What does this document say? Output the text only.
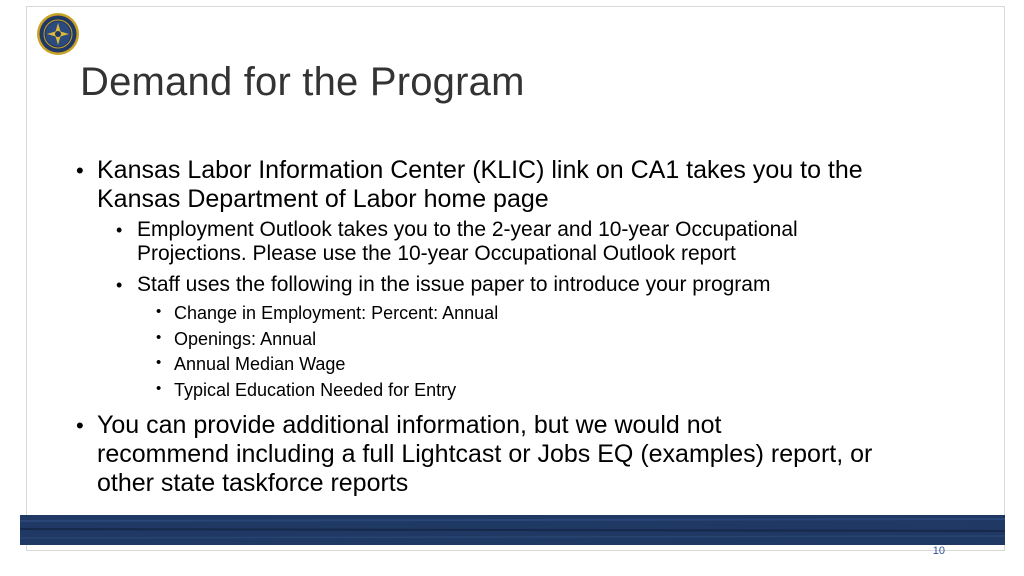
Demand for the Program
• Kansas Labor Information Center (KLIC) link on CA1 takes you to the
Kansas Department of Labor home page
• Employment Outlook takes you to the 2-year and 10-year Occupational
Projections. Please use the 10-year Occupational Outlook report
• Staff uses the following in the issue paper to introduce your program
• Change in Employment: Percent: Annual
• Openings: Annual
• Annual Median Wage
• Typical Education Needed for Entry
• You can provide additional information, but we would not
recommend including a full Lightcast or Jobs EQ (examples) report, or
other state taskforce reports
10
